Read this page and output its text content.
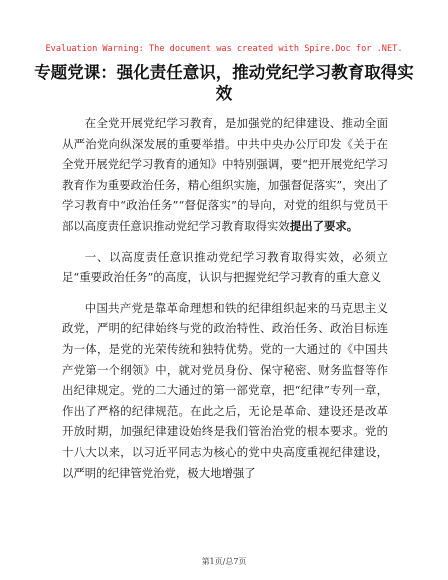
Evaluation Warning: The document was created with Spire.Doc for .NET.
专题党课：强化责任意识，推动党纪学习教育取得实效

在全党开展党纪学习教育，是加强党的纪律建设、推动全面从严治党向纵深发展的重要举措。中共中央办公厅印发《关于在全党开展党纪学习教育的通知》中特别强调，要“把开展党纪学习教育作为重要政治任务，精心组织实施，加强督促落实”，突出了学习教育中“政治任务”“督促落实”的导向，对党的组织与党员干部以高度责任意识推动党纪学习教育取得实效提出了要求。

一、以高度责任意识推动党纪学习教育取得实效，必须立足“重要政治任务”的高度，认识与把握党纪学习教育的重大意义

中国共产党是靠革命理想和铁的纪律组织起来的马克思主义政党，严明的纪律始终与党的政治特性、政治任务、政治目标连为一体，是党的光荣传统和独特优势。党的一大通过的《中国共产党第一个纲领》中，就对党员身份、保守秘密、财务监督等作出纪律规定。党的二大通过的第一部党章，把“纪律”专列一章，作出了严格的纪律规范。在此之后，无论是革命、建设还是改革开放时期，加强纪律建设始终是我们管治治党的根本要求。党的十八大以来，以习近平同志为核心的党中央高度重视纪律建设，以严明的纪律管党治党，极大地增强了

第1页/总7页
